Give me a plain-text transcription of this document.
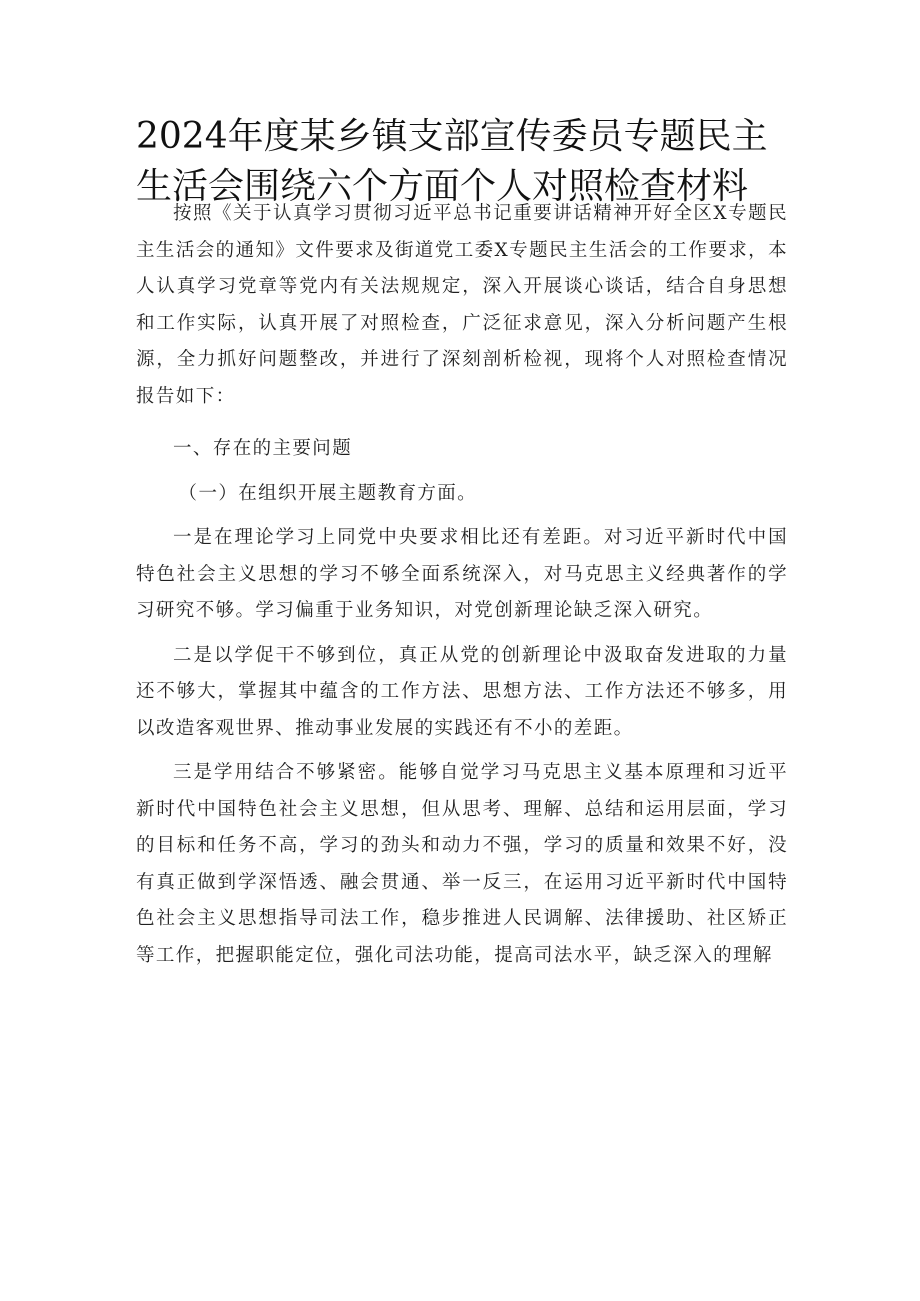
2024年度某乡镇支部宣传委员专题民主生活会围绕六个方面个人对照检查材料

按照《关于认真学习贯彻习近平总书记重要讲话精神开好全区X专题民主生活会的通知》文件要求及街道党工委X专题民主生活会的工作要求，本人认真学习党章等党内有关法规规定，深入开展谈心谈话，结合自身思想和工作实际，认真开展了对照检查，广泛征求意见，深入分析问题产生根源，全力抓好问题整改，并进行了深刻剖析检视，现将个人对照检查情况报告如下：

一、存在的主要问题

（一）在组织开展主题教育方面。

一是在理论学习上同党中央要求相比还有差距。对习近平新时代中国特色社会主义思想的学习不够全面系统深入，对马克思主义经典著作的学习研究不够。学习偏重于业务知识，对党创新理论缺乏深入研究。

二是以学促干不够到位，真正从党的创新理论中汲取奋发进取的力量还不够大，掌握其中蕴含的工作方法、思想方法、工作方法还不够多，用以改造客观世界、推动事业发展的实践还有不小的差距。

三是学用结合不够紧密。能够自觉学习马克思主义基本原理和习近平新时代中国特色社会主义思想，但从思考、理解、总结和运用层面，学习的目标和任务不高，学习的劲头和动力不强，学习的质量和效果不好，没有真正做到学深悟透、融会贯通、举一反三，在运用习近平新时代中国特色社会主义思想指导司法工作，稳步推进人民调解、法律援助、社区矫正等工作，把握职能定位，强化司法功能，提高司法水平，缺乏深入的理解
